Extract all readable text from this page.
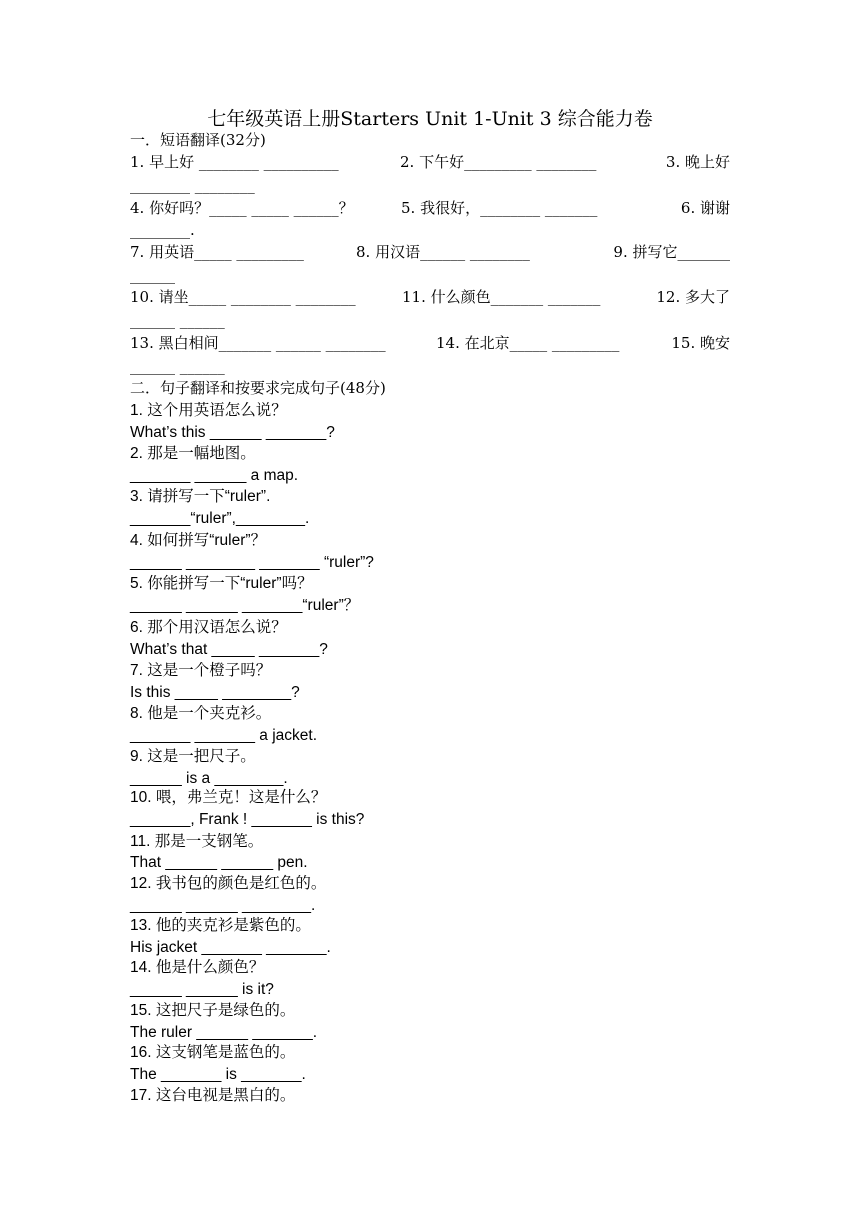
七年级英语上册Starters Unit 1-Unit 3 综合能力卷
一．短语翻译(32分)
1. 早上好 ________ __________	2. 下午好_________ ________	3. 晚上好
________ ________
4. 你好吗？_____ _____ ______？	5. 我很好，________ _______	6. 谢谢
________.
7. 用英语_____ _________	8. 用汉语______ ________	9. 拼写它_______
______
10. 请坐_____ ________ ________	11. 什么颜色_______ _______	12. 多大了
______ ______
13. 黑白相间_______ ______ ________	14. 在北京_____ _________	15. 晚安
______ ______
二．句子翻译和按要求完成句子(48分)
1. 这个用英语怎么说？
What’s this ______ _______?
2. 那是一幅地图。
_______ ______ a map.
3. 请拼写一下“ruler”.
_______“ruler”,________.
4. 如何拼写“ruler”？
______ ________ _______ “ruler”?
5. 你能拼写一下“ruler”吗？
______ ______ _______“ruler”？
6. 那个用汉语怎么说？
What’s that _____ _______?
7. 这是一个橙子吗？
Is this _____ ________?
8. 他是一个夹克衫。
_______ _______ a jacket.
9. 这是一把尺子。
______ is a ________.
10. 喂，弗兰克！这是什么？
_______, Frank ! _______ is this?
11. 那是一支钢笔。
That ______ ______ pen.
12. 我书包的颜色是红色的。
______ ______ ________.
13. 他的夹克衫是紫色的。
His jacket _______ _______.
14. 他是什么颜色？
______ ______ is it?
15. 这把尺子是绿色的。
The ruler ______ _______.
16. 这支钢笔是蓝色的。
The _______ is _______.
17. 这台电视是黑白的。
